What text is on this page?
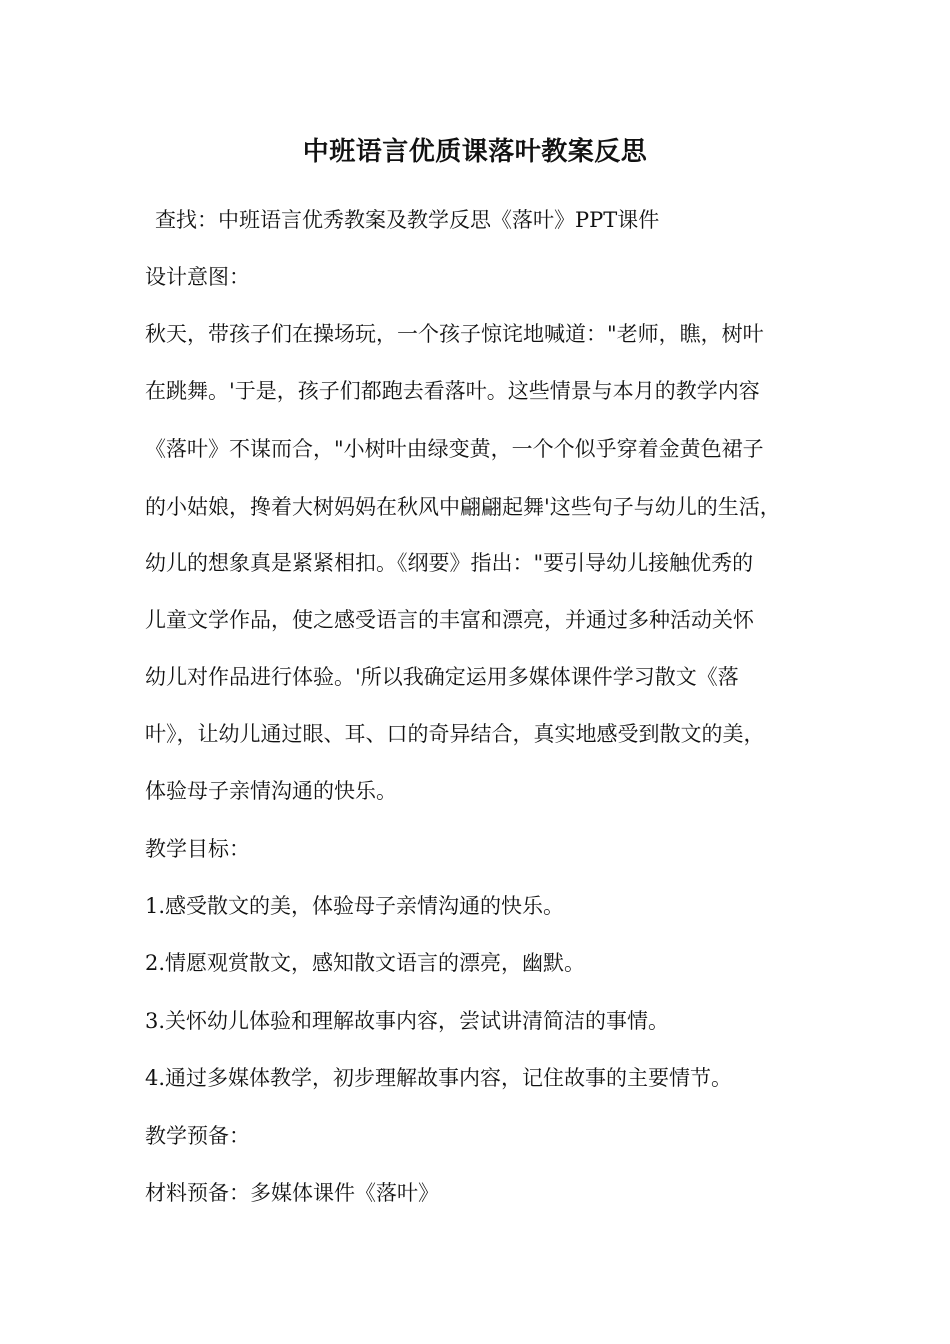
中班语言优质课落叶教案反思
查找：中班语言优秀教案及教学反思《落叶》PPT课件
设计意图：
秋天，带孩子们在操场玩，一个孩子惊诧地喊道："老师，瞧，树叶
在跳舞。'于是，孩子们都跑去看落叶。这些情景与本月的教学内容
《落叶》不谋而合，"小树叶由绿变黄，一个个似乎穿着金黄色裙子
的小姑娘，搀着大树妈妈在秋风中翩翩起舞'这些句子与幼儿的生活，
幼儿的想象真是紧紧相扣。《纲要》指出："要引导幼儿接触优秀的
儿童文学作品，使之感受语言的丰富和漂亮，并通过多种活动关怀
幼儿对作品进行体验。'所以我确定运用多媒体课件学习散文《落
叶》，让幼儿通过眼、耳、口的奇异结合，真实地感受到散文的美，
体验母子亲情沟通的快乐。
教学目标：
1.感受散文的美，体验母子亲情沟通的快乐。
2.情愿观赏散文，感知散文语言的漂亮，幽默。
3.关怀幼儿体验和理解故事内容，尝试讲清简洁的事情。
4.通过多媒体教学，初步理解故事内容，记住故事的主要情节。
教学预备：
材料预备：多媒体课件《落叶》
